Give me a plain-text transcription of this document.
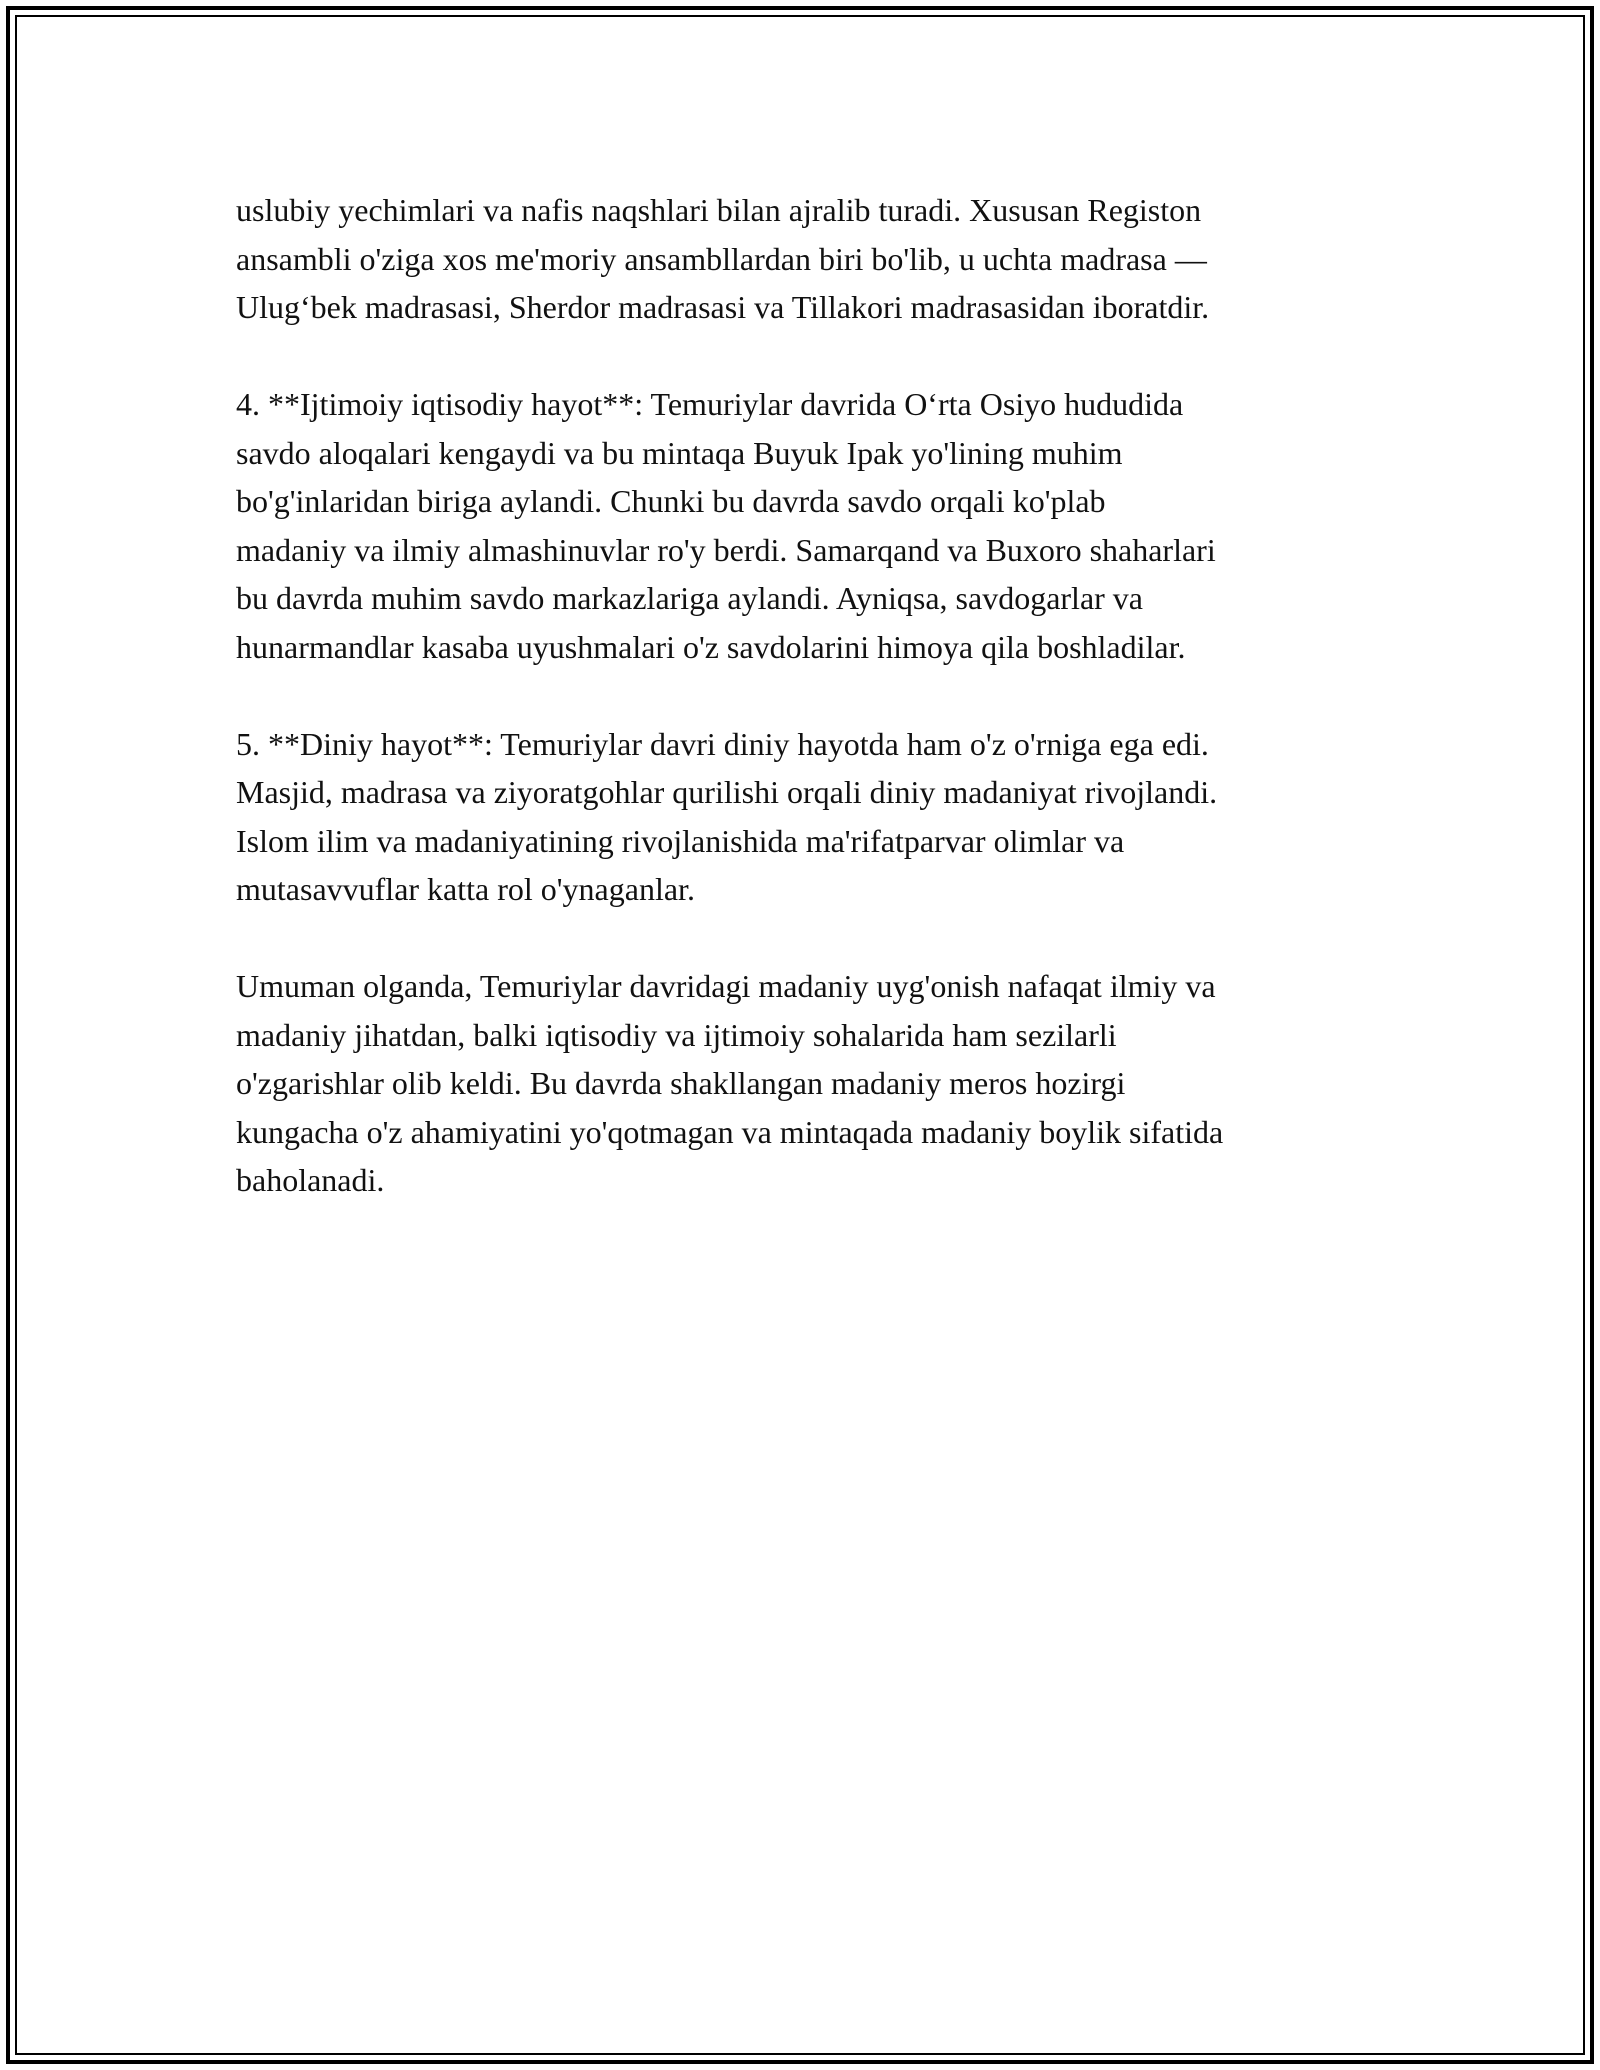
uslubiy yechimlari va nafis naqshlari bilan ajralib turadi. Xususan Registon
ansambli o'ziga xos me'moriy ansambllardan biri bo'lib, u uchta madrasa —
Ulug‘bek madrasasi, Sherdor madrasasi va Tillakori madrasasidan iboratdir.

4. **Ijtimoiy iqtisodiy hayot**: Temuriylar davrida O‘rta Osiyo hududida
savdo aloqalari kengaydi va bu mintaqa Buyuk Ipak yo'lining muhim
bo'g'inlaridan biriga aylandi. Chunki bu davrda savdo orqali ko'plab
madaniy va ilmiy almashinuvlar ro'y berdi. Samarqand va Buxoro shaharlari
bu davrda muhim savdo markazlariga aylandi. Ayniqsa, savdogarlar va
hunarmandlar kasaba uyushmalari o'z savdolarini himoya qila boshladilar.

5. **Diniy hayot**: Temuriylar davri diniy hayotda ham o'z o'rniga ega edi.
Masjid, madrasa va ziyoratgohlar qurilishi orqali diniy madaniyat rivojlandi.
Islom ilim va madaniyatining rivojlanishida ma'rifatparvar olimlar va
mutasavvuflar katta rol o'ynaganlar.

Umuman olganda, Temuriylar davridagi madaniy uyg'onish nafaqat ilmiy va
madaniy jihatdan, balki iqtisodiy va ijtimoiy sohalarida ham sezilarli
o'zgarishlar olib keldi. Bu davrda shakllangan madaniy meros hozirgi
kungacha o'z ahamiyatini yo'qotmagan va mintaqada madaniy boylik sifatida
baholanadi.
